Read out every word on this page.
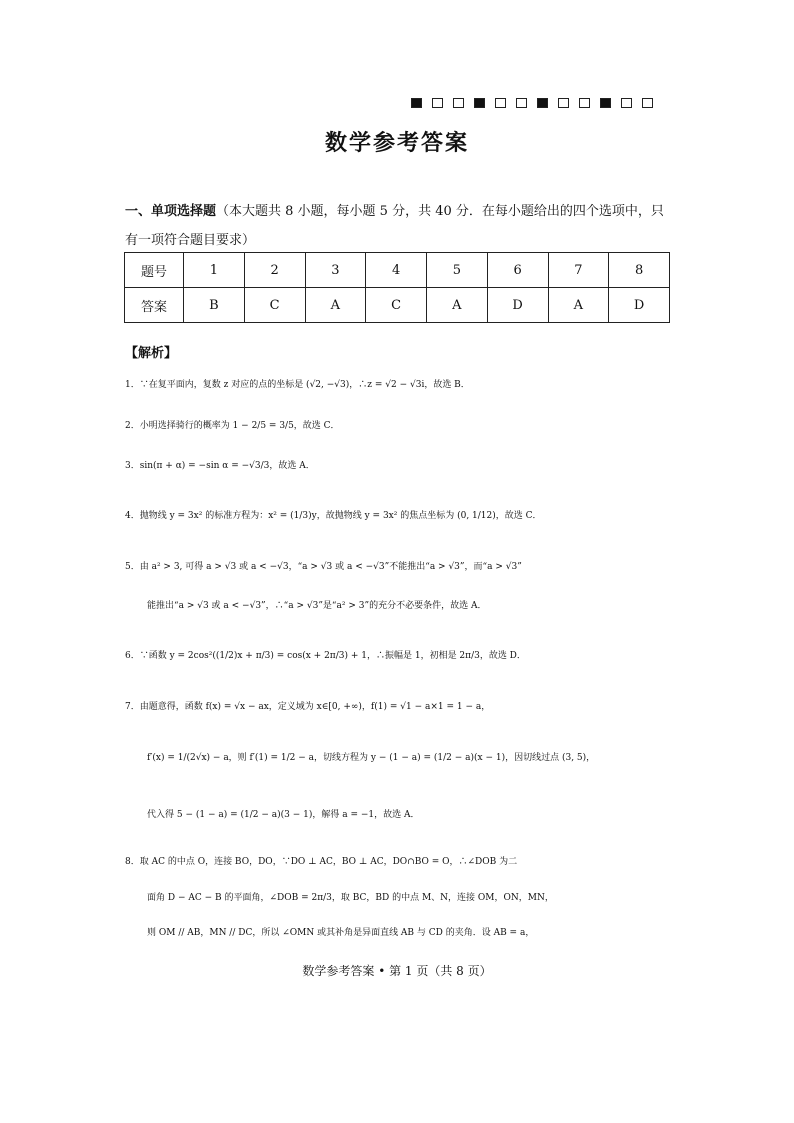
数学参考答案
一、单项选择题（本大题共 8 小题，每小题 5 分，共 40 分．在每小题给出的四个选项中，只
有一项符合题目要求）
题号	1	2	3	4	5	6	7	8
答案	B	C	A	C	A	D	A	D
【解析】
1．∵在复平面内，复数 z 对应的点的坐标是 (√2, −√3)，∴z = √2 − √3i，故选 B．
2．小明选择骑行的概率为 1 − 2/5 = 3/5，故选 C．
3．sin(π + α) = −sin α = −√3/3，故选 A．
4．抛物线 y = 3x² 的标准方程为：x² = (1/3)y，故抛物线 y = 3x² 的焦点坐标为 (0, 1/12)，故选 C．
5．由 a² > 3, 可得 a > √3 或 a < −√3，“a > √3 或 a < −√3”不能推出“a > √3”，而“a > √3”
能推出“a > √3 或 a < −√3”，∴“a > √3”是“a² > 3”的充分不必要条件，故选 A．
6．∵函数 y = 2cos²((1/2)x + π/3) = cos(x + 2π/3) + 1，∴振幅是 1，初相是 2π/3，故选 D．
7．由题意得，函数 f(x) = √x − ax，定义域为 x∈[0, +∞)，f(1) = √1 − a×1 = 1 − a，
f′(x) = 1/(2√x) − a，则 f′(1) = 1/2 − a，切线方程为 y − (1 − a) = (1/2 − a)(x − 1)，因切线过点 (3, 5)，
代入得 5 − (1 − a) = (1/2 − a)(3 − 1)，解得 a = −1，故选 A．
8．取 AC 的中点 O，连接 BO，DO，∵DO ⊥ AC，BO ⊥ AC，DO∩BO = O，∴∠DOB 为二
面角 D − AC − B 的平面角，∠DOB = 2π/3，取 BC，BD 的中点 M、N，连接 OM，ON，MN，
则 OM // AB，MN // DC，所以 ∠OMN 或其补角是异面直线 AB 与 CD 的夹角．设 AB = a，
数学参考答案 • 第 1 页（共 8 页）
